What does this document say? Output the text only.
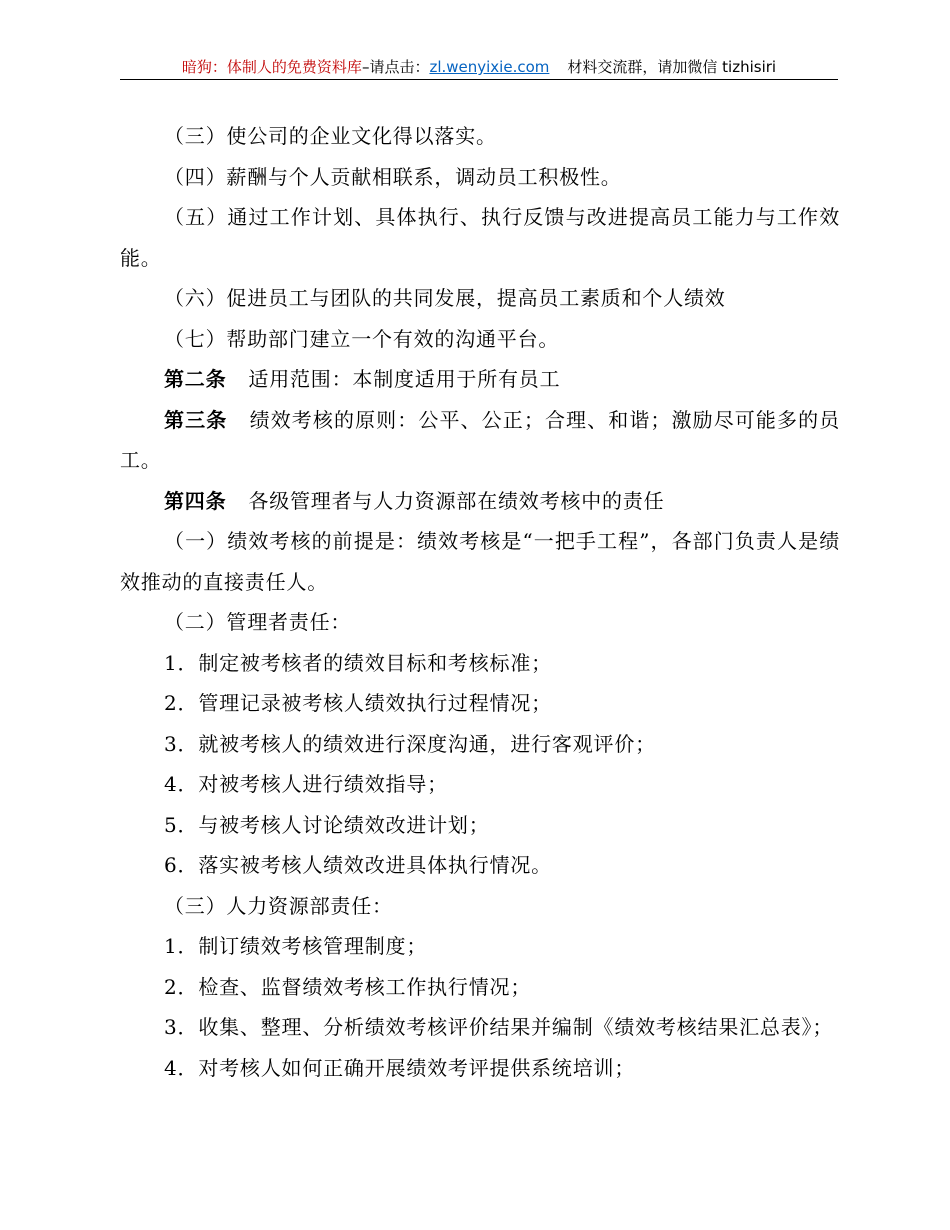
暗狗：体制人的免费资料库–请点击：zl.wenyixie.com 材料交流群，请加微信 tizhisiri

（三）使公司的企业文化得以落实。

（四）薪酬与个人贡献相联系，调动员工积极性。

（五）通过工作计划、具体执行、执行反馈与改进提高员工能力与工作效能。

（六）促进员工与团队的共同发展，提高员工素质和个人绩效

（七）帮助部门建立一个有效的沟通平台。

第二条 适用范围：本制度适用于所有员工

第三条 绩效考核的原则：公平、公正；合理、和谐；激励尽可能多的员工。

第四条 各级管理者与人力资源部在绩效考核中的责任

（一）绩效考核的前提是：绩效考核是“一把手工程”，各部门负责人是绩效推动的直接责任人。

（二）管理者责任：

1．制定被考核者的绩效目标和考核标准；

2．管理记录被考核人绩效执行过程情况；

3．就被考核人的绩效进行深度沟通，进行客观评价；

4．对被考核人进行绩效指导；

5．与被考核人讨论绩效改进计划；

6．落实被考核人绩效改进具体执行情况。

（三）人力资源部责任：

1．制订绩效考核管理制度；

2．检查、监督绩效考核工作执行情况；

3．收集、整理、分析绩效考核评价结果并编制《绩效考核结果汇总表》；

4．对考核人如何正确开展绩效考评提供系统培训；
